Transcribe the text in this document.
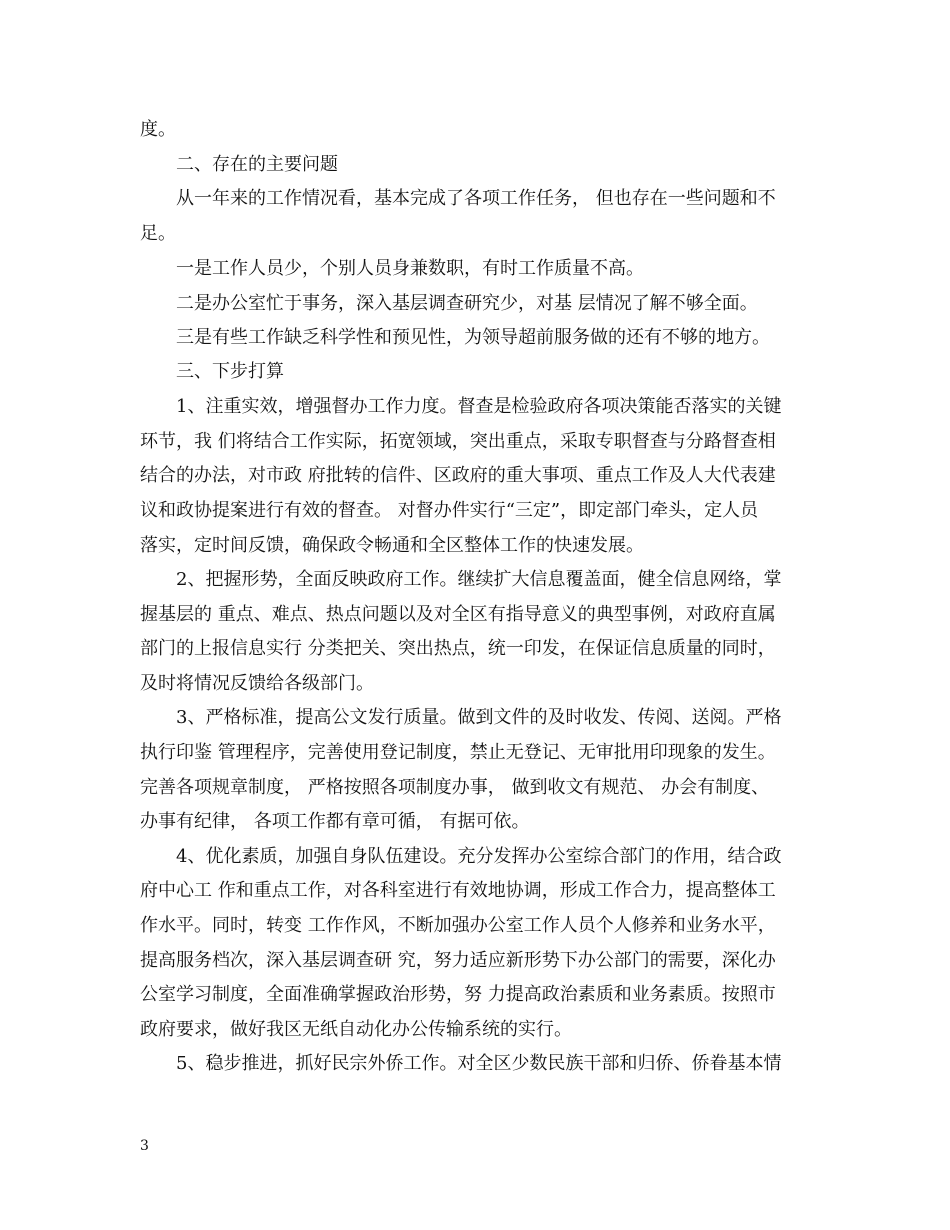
度。
二、存在的主要问题
从一年来的工作情况看，基本完成了各项工作任务， 但也存在一些问题和不
足。
一是工作人员少，个别人员身兼数职，有时工作质量不高。
二是办公室忙于事务，深入基层调查研究少，对基 层情况了解不够全面。
三是有些工作缺乏科学性和预见性，为领导超前服务做的还有不够的地方。
三、下步打算
1、注重实效，增强督办工作力度。督查是检验政府各项决策能否落实的关键
环节，我 们将结合工作实际，拓宽领域，突出重点，采取专职督查与分路督查相
结合的办法，对市政 府批转的信件、区政府的重大事项、重点工作及人大代表建
议和政协提案进行有效的督查。 对督办件实行“三定”，即定部门牵头，定人员
落实，定时间反馈，确保政令畅通和全区整体工作的快速发展。
2、把握形势，全面反映政府工作。继续扩大信息覆盖面，健全信息网络，掌
握基层的 重点、难点、热点问题以及对全区有指导意义的典型事例，对政府直属
部门的上报信息实行 分类把关、突出热点，统一印发，在保证信息质量的同时，
及时将情况反馈给各级部门。
3、严格标准，提高公文发行质量。做到文件的及时收发、传阅、送阅。严格
执行印鉴 管理程序，完善使用登记制度，禁止无登记、无审批用印现象的发生。
完善各项规章制度， 严格按照各项制度办事， 做到收文有规范、 办会有制度、
办事有纪律， 各项工作都有章可循， 有据可依。
4、优化素质，加强自身队伍建设。充分发挥办公室综合部门的作用，结合政
府中心工 作和重点工作，对各科室进行有效地协调，形成工作合力，提高整体工
作水平。同时，转变 工作作风，不断加强办公室工作人员个人修养和业务水平，
提高服务档次，深入基层调查研 究，努力适应新形势下办公部门的需要，深化办
公室学习制度，全面准确掌握政治形势，努 力提高政治素质和业务素质。按照市
政府要求，做好我区无纸自动化办公传输系统的实行。
5、稳步推进，抓好民宗外侨工作。对全区少数民族干部和归侨、侨眷基本情
3
